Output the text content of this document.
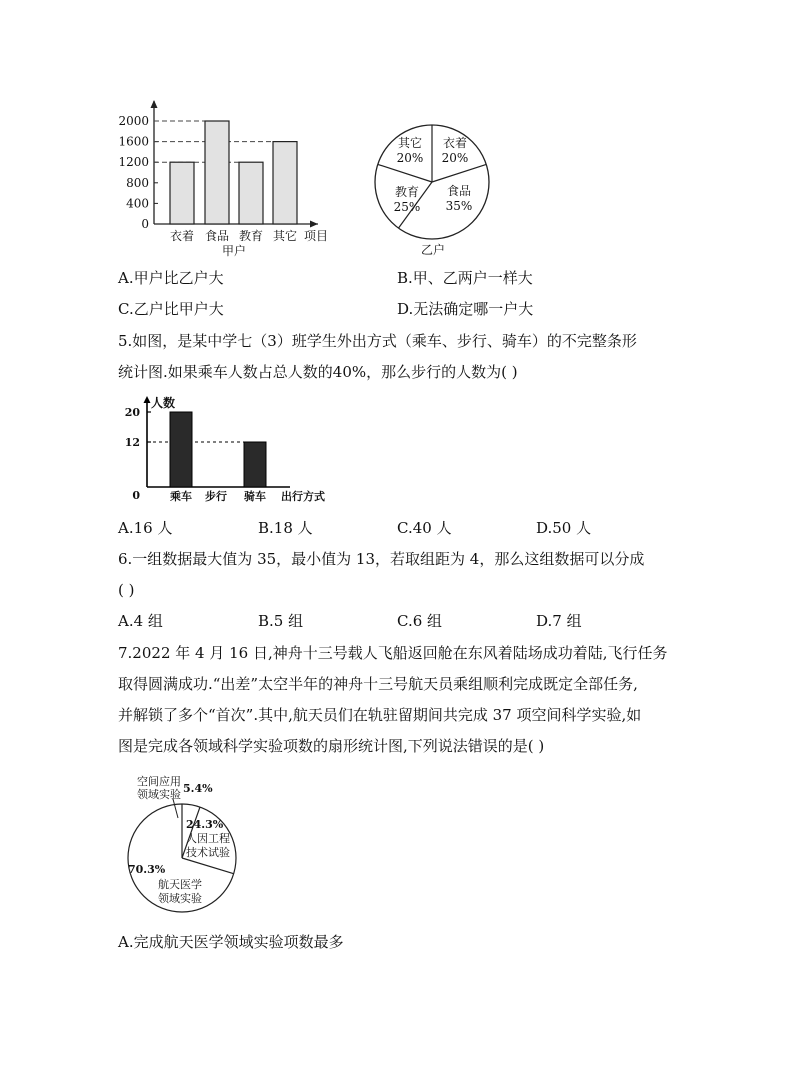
0
400
800
1200
1600
2000
衣着 食品 教育 其它 项目
甲户
衣着
20%
食品
35%
教育
25%
其它
20%
乙户
A.甲户比乙户大	B.甲、乙两户一样大
C.乙户比甲户大	D.无法确定哪一户大
5.如图，是某中学七（3）班学生外出方式（乘车、步行、骑车）的不完整条形
统计图.如果乘车人数占总人数的40%，那么步行的人数为( )
人数
0
12
20
乘车 步行 骑车 出行方式
A.16 人	B.18 人	C.40 人	D.50 人
6.一组数据最大值为 35，最小值为 13，若取组距为 4，那么这组数据可以分成
( )
A.4 组	B.5 组	C.6 组	D.7 组
7.2022 年 4 月 16 日,神舟十三号载人飞船返回舱在东风着陆场成功着陆,飞行任务
取得圆满成功.“出差”太空半年的神舟十三号航天员乘组顺利完成既定全部任务,
并解锁了多个“首次”.其中,航天员们在轨驻留期间共完成 37 项空间科学实验,如
图是完成各领域科学实验项数的扇形统计图,下列说法错误的是( )
空间应用
领域实验 5.4%
24.3%
人因工程
技术试验
70.3%
航天医学
领域实验
A.完成航天医学领域实验项数最多
